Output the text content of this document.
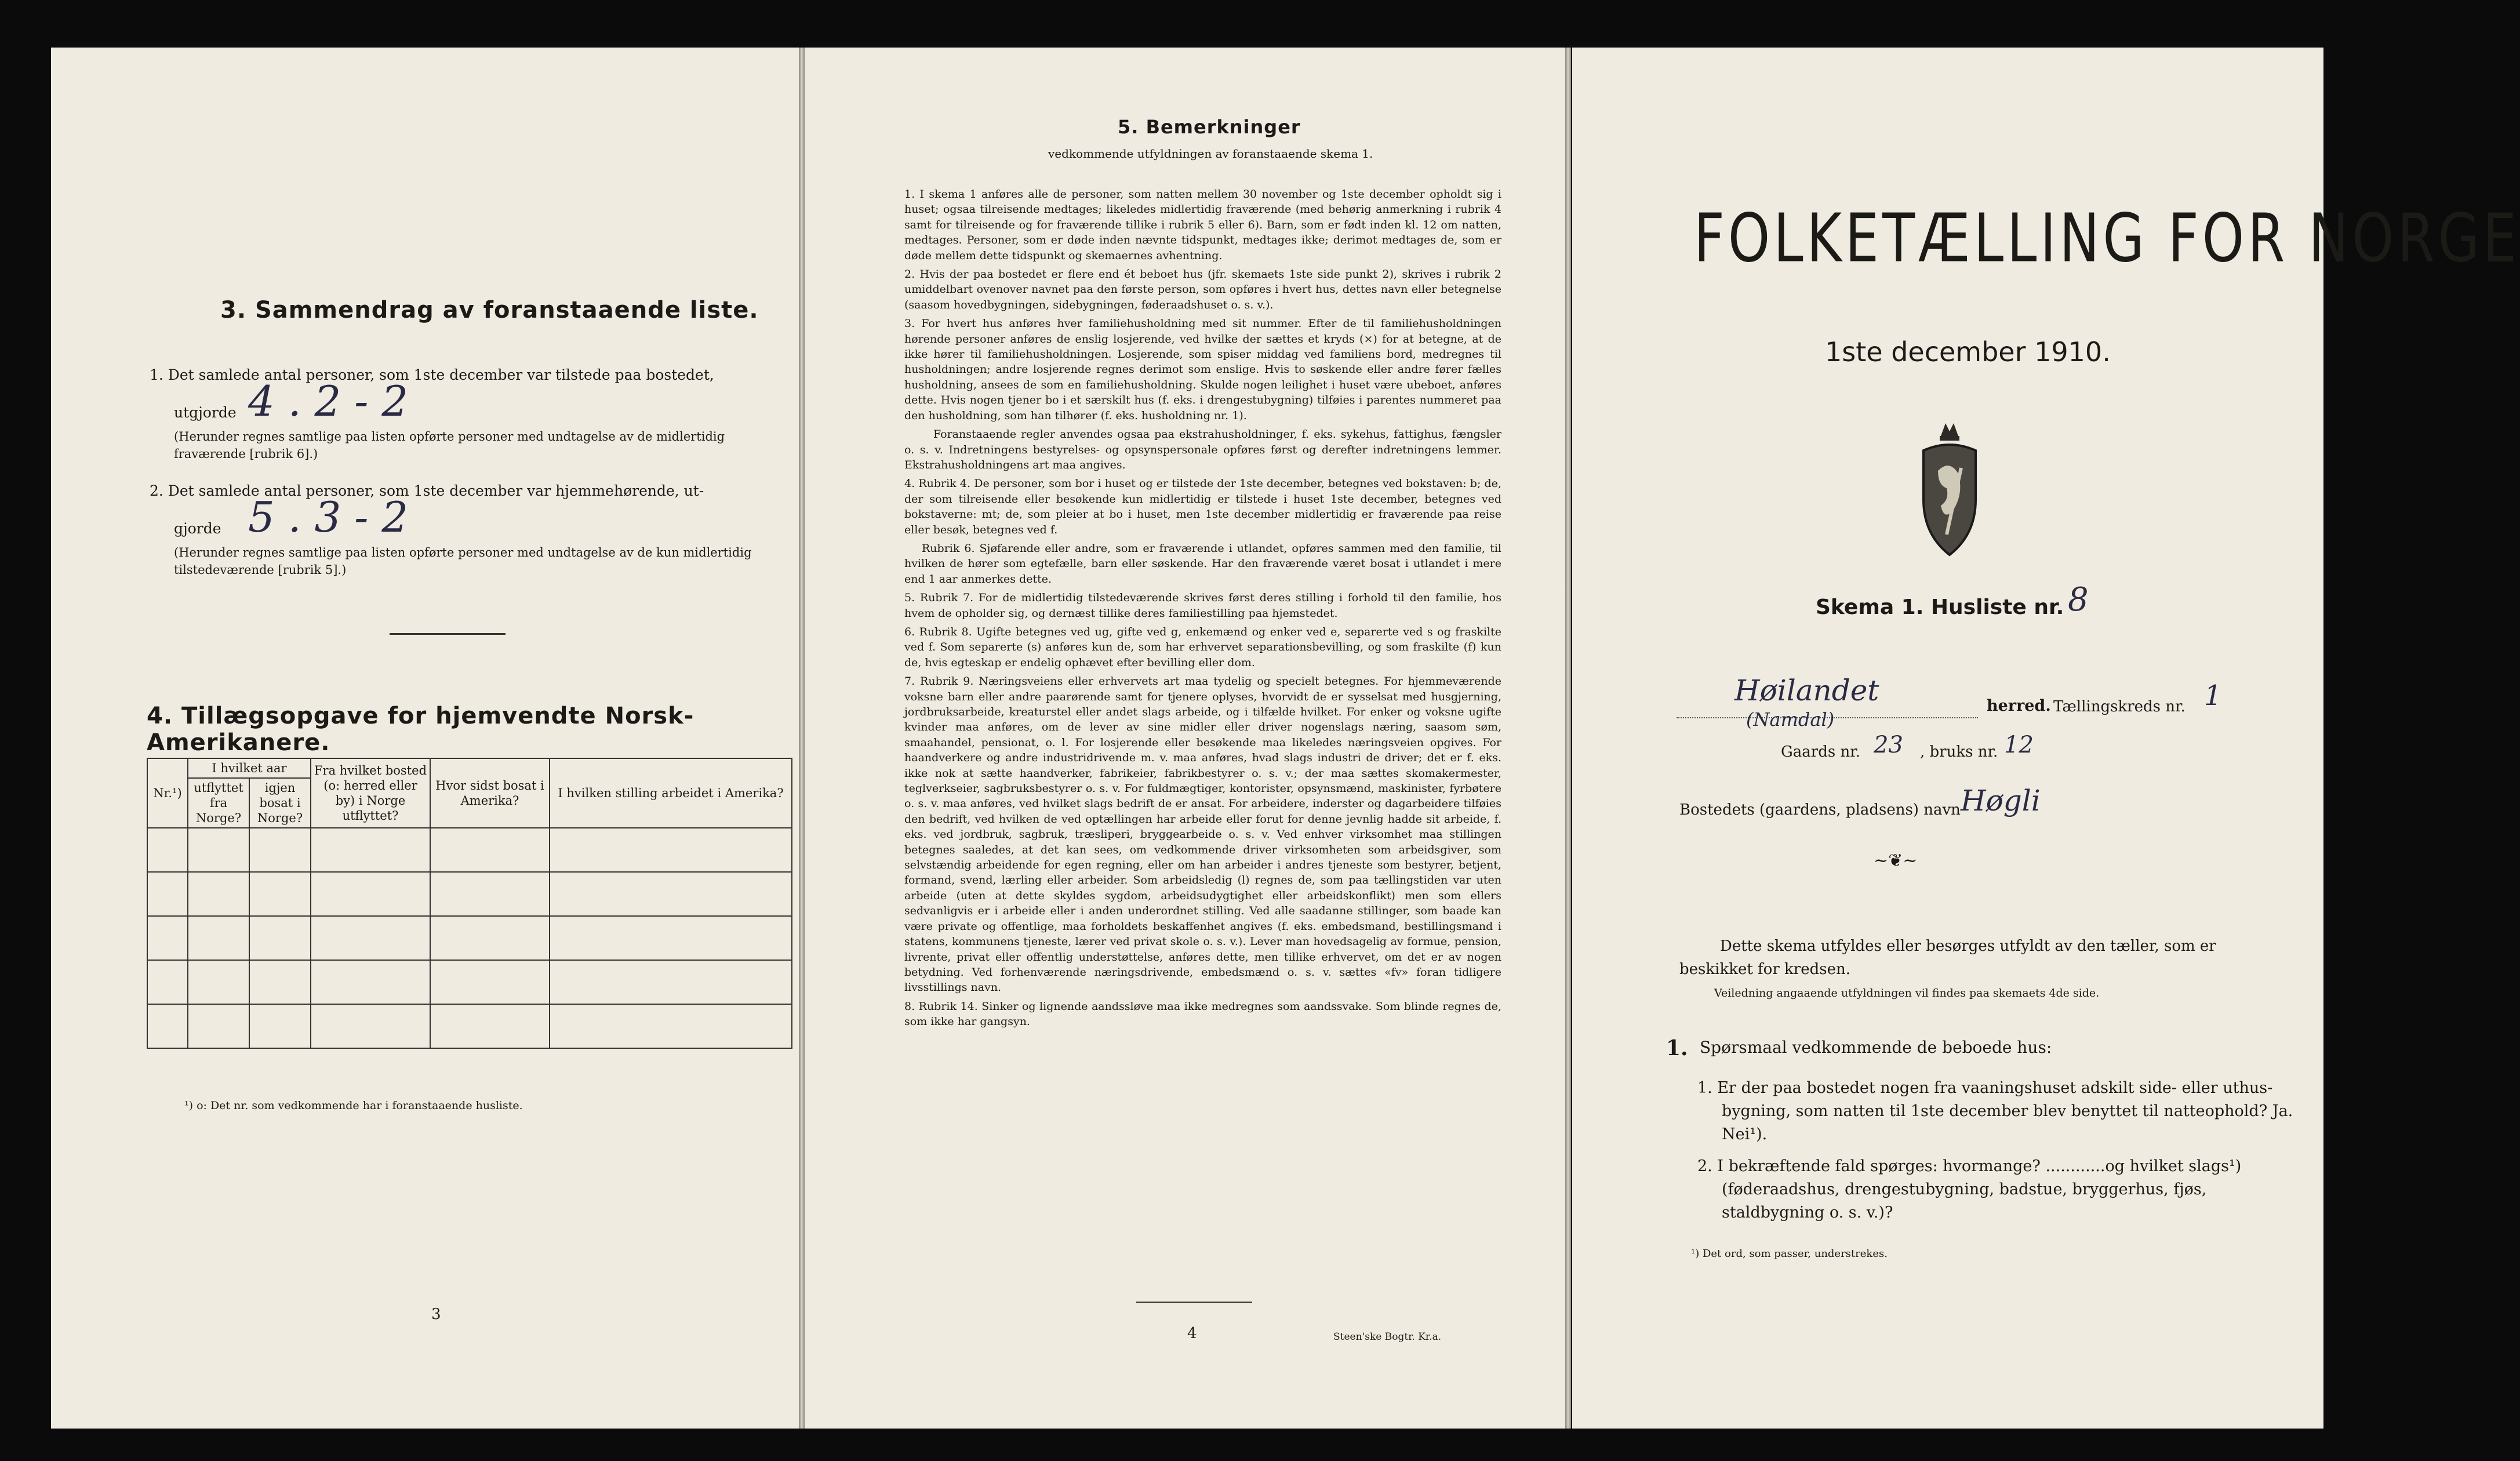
3. Sammendrag av foranstaaende liste.
1. Det samlede antal personer, som 1ste december var tilstede paa bostedet,
utgjorde 4 . 2 - 2
(Herunder regnes samtlige paa listen opførte personer med undtagelse av de midlertidig fraværende [rubrik 6].)
2. Det samlede antal personer, som 1ste december var hjemmehørende, ut-
gjorde 5 . 3 - 2
(Herunder regnes samtlige paa listen opførte personer med undtagelse av de kun midlertidig tilstedeværende [rubrik 5].)
4. Tillægsopgave for hjemvendte Norsk-Amerikanere.
Nr.¹)	I hvilket aar		Fra hvilket bosted (o: herred eller by) i Norge utflyttet?	Hvor sidst bosat i Amerika?	I hvilken stilling arbeidet i Amerika?
	utflyttet fra Norge?	igjen bosat i Norge?			

¹) o: Det nr. som vedkommende har i foranstaaende husliste.
3
5. Bemerkninger
vedkommende utfyldningen av foranstaaende skema 1.

1. I skema 1 anføres alle de personer, som natten mellem 30 november og 1ste december opholdt sig i huset; ogsaa tilreisende medtages; likeledes midlertidig fraværende (med behørig anmerkning i rubrik 4 samt for tilreisende og for fraværende tillike i rubrik 5 eller 6). Barn, som er født inden kl. 12 om natten, medtages. Personer, som er døde inden nævnte tidspunkt, medtages ikke; derimot medtages de, som er døde mellem dette tidspunkt og skemaernes avhentning.

2. Hvis der paa bostedet er flere end ét beboet hus (jfr. skemaets 1ste side punkt 2), skrives i rubrik 2 umiddelbart ovenover navnet paa den første person, som opføres i hvert hus, dettes navn eller betegnelse (saasom hovedbygningen, sidebygningen, føderaadshuset o. s. v.).

3. For hvert hus anføres hver familiehusholdning med sit nummer. Efter de til familiehusholdningen hørende personer anføres de enslig losjerende, ved hvilke der sættes et kryds (×) for at betegne, at de ikke hører til familiehusholdningen. Losjerende, som spiser middag ved familiens bord, medregnes til husholdningen; andre losjerende regnes derimot som enslige. Hvis to søskende eller andre fører fælles husholdning, ansees de som en familiehusholdning. Skulde nogen leilighet i huset være ubeboet, anføres dette. Hvis nogen tjener bo i et særskilt hus (f. eks. i drengestubygning) tilføies i parentes nummeret paa den husholdning, som han tilhører (f. eks. husholdning nr. 1).

Foranstaaende regler anvendes ogsaa paa ekstrahusholdninger, f. eks. sykehus, fattighus, fængsler o. s. v. Indretningens bestyrelses- og opsynspersonale opføres først og derefter indretningens lemmer. Ekstrahusholdningens art maa angives.

4. Rubrik 4. De personer, som bor i huset og er tilstede der 1ste december, betegnes ved bokstaven: b; de, der som tilreisende eller besøkende kun midlertidig er tilstede i huset 1ste december, betegnes ved bokstaverne: mt; de, som pleier at bo i huset, men 1ste december midlertidig er fraværende paa reise eller besøk, betegnes ved f.

Rubrik 6. Sjøfarende eller andre, som er fraværende i utlandet, opføres sammen med den familie, til hvilken de hører som egtefælle, barn eller søskende. Har den fraværende været bosat i utlandet i mere end 1 aar anmerkes dette.

5. Rubrik 7. For de midlertidig tilstedeværende skrives først deres stilling i forhold til den familie, hos hvem de opholder sig, og dernæst tillike deres familiestilling paa hjemstedet.

6. Rubrik 8. Ugifte betegnes ved ug, gifte ved g, enkemænd og enker ved e, separerte ved s og fraskilte ved f. Som separerte (s) anføres kun de, som har erhvervet separationsbevilling, og som fraskilte (f) kun de, hvis egteskap er endelig ophævet efter bevilling eller dom.

7. Rubrik 9. Næringsveiens eller erhvervets art maa tydelig og specielt betegnes. For hjemmeværende voksne barn eller andre paarørende samt for tjenere oplyses, hvorvidt de er sysselsat med husgjerning, jordbruksarbeide, kreaturstel eller andet slags arbeide, og i tilfælde hvilket. For enker og voksne ugifte kvinder maa anføres, om de lever av sine midler eller driver nogenslags næring, saasom søm, smaahandel, pensionat, o. l. For losjerende eller besøkende maa likeledes næringsveien opgives. For haandverkere og andre industridrivende m. v. maa anføres, hvad slags industri de driver; det er f. eks. ikke nok at sætte haandverker, fabrikeier, fabrikbestyrer o. s. v.; der maa sættes skomakermester, teglverkseier, sagbruksbestyrer o. s. v. For fuldmægtiger, kontorister, opsynsmænd, maskinister, fyrbøtere o. s. v. maa anføres, ved hvilket slags bedrift de er ansat. For arbeidere, inderster og dagarbeidere tilføies den bedrift, ved hvilken de ved optællingen har arbeide eller forut for denne jevnlig hadde sit arbeide, f. eks. ved jordbruk, sagbruk, træsliperi, bryggearbeide o. s. v. Ved enhver virksomhet maa stillingen betegnes saaledes, at det kan sees, om vedkommende driver virksomheten som arbeidsgiver, som selvstændig arbeidende for egen regning, eller om han arbeider i andres tjeneste som bestyrer, betjent, formand, svend, lærling eller arbeider. Som arbeidsledig (l) regnes de, som paa tællingstiden var uten arbeide (uten at dette skyldes sygdom, arbeidsudygtighet eller arbeidskonflikt) men som ellers sedvanligvis er i arbeide eller i anden underordnet stilling. Ved alle saadanne stillinger, som baade kan være private og offentlige, maa forholdets beskaffenhet angives (f. eks. embedsmand, bestillingsmand i statens, kommunens tjeneste, lærer ved privat skole o. s. v.). Lever man hovedsagelig av formue, pension, livrente, privat eller offentlig understøttelse, anføres dette, men tillike erhvervet, om det er av nogen betydning. Ved forhenværende næringsdrivende, embedsmænd o. s. v. sættes «fv» foran tidligere livsstillings navn.

8. Rubrik 14. Sinker og lignende aandssløve maa ikke medregnes som aandssvake. Som blinde regnes de, som ikke har gangsyn.

4	Steen'ske Bogtr. Kr.a.
FOLKETÆLLING FOR NORGE
1ste december 1910.
Skema 1. Husliste nr. 8
Høilandet
(Namdal)
herred. Tællingskreds nr. 1
Gaards nr. 23 , bruks nr. 12
Bostedets (gaardens, pladsens) navn Høgli
~❦~
Dette skema utfyldes eller besørges utfyldt av den tæller, som er beskikket for kredsen.
Veiledning angaaende utfyldningen vil findes paa skemaets 4de side.
1. Spørsmaal vedkommende de beboede hus:
1. Er der paa bostedet nogen fra vaaningshuset adskilt side- eller uthus-bygning, som natten til 1ste december blev benyttet til natteophold? Ja. Nei¹).
2. I bekræftende fald spørges: hvormange? ............og hvilket slags¹) (føderaadshus, drengestubygning, badstue, bryggerhus, fjøs, staldbygning o. s. v.)?
¹) Det ord, som passer, understrekes.
